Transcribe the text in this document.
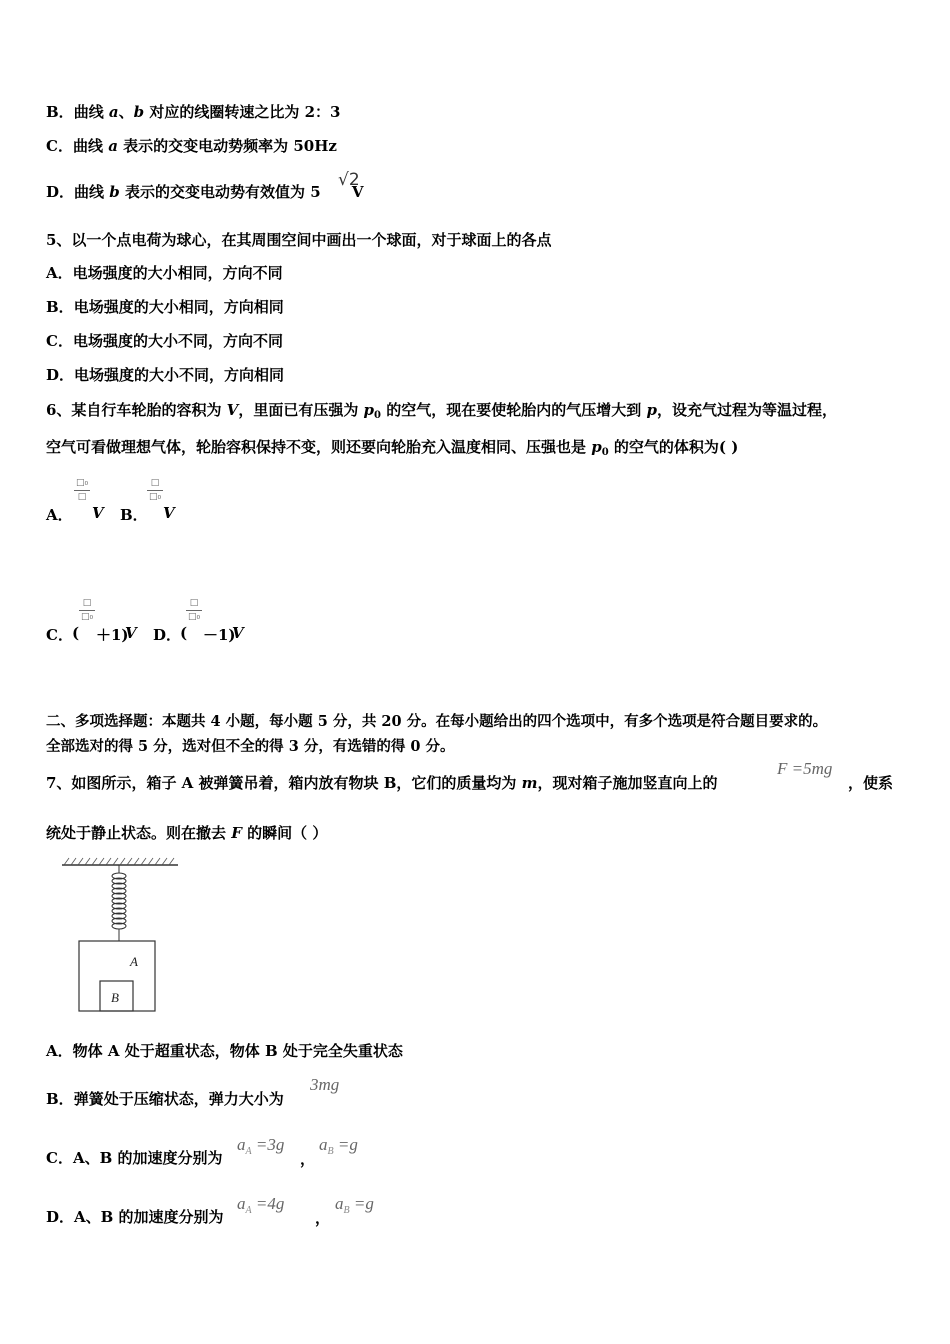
B．曲线 a、b 对应的线圈转速之比为 2：3
C．曲线 a 表示的交变电动势频率为 50Hz
D．曲线 b 表示的交变电动势有效值为 5 V
√2
5、以一个点电荷为球心，在其周围空间中画出一个球面，对于球面上的各点
A．电场强度的大小相同，方向不同
B．电场强度的大小相同，方向相同
C．电场强度的大小不同，方向不同
D．电场强度的大小不同，方向相同
6、某自行车轮胎的容积为 V，里面已有压强为 $p_0$ 的空气，现在要使轮胎内的气压增大到 p，设充气过程为等温过程，
空气可看做理想气体，轮胎容积保持不变，则还要向轮胎充入温度相同、压强也是 $p_0$ 的空气的体积为( )
A．
□₀
□
V B．
□
□₀
V
C． (
□
□₀
＋1)
V D．
(
□
□₀
－1)
V
二、多项选择题：本题共 4 小题，每小题 5 分，共 20 分。在每小题给出的四个选项中，有多个选项是符合题目要求的。
全部选对的得 5 分，选对但不全的得 3 分，有选错的得 0 分。
7、如图所示，箱子 A 被弹簧吊着，箱内放有物块 B，它们的质量均为 m，现对箱子施加竖直向上的
F =5mg
，使系
统处于静止状态。则在撤去 F 的瞬间（ ）
A
B
A．物体 A 处于超重状态，物体 B 处于完全失重状态
B．弹簧处于压缩状态，弹力大小为
3mg
C．A、B 的加速度分别为
$a_A =3g$
，
$a_B =g$
D．A、B 的加速度分别为
$a_A =4g$
，
$a_B =g$
